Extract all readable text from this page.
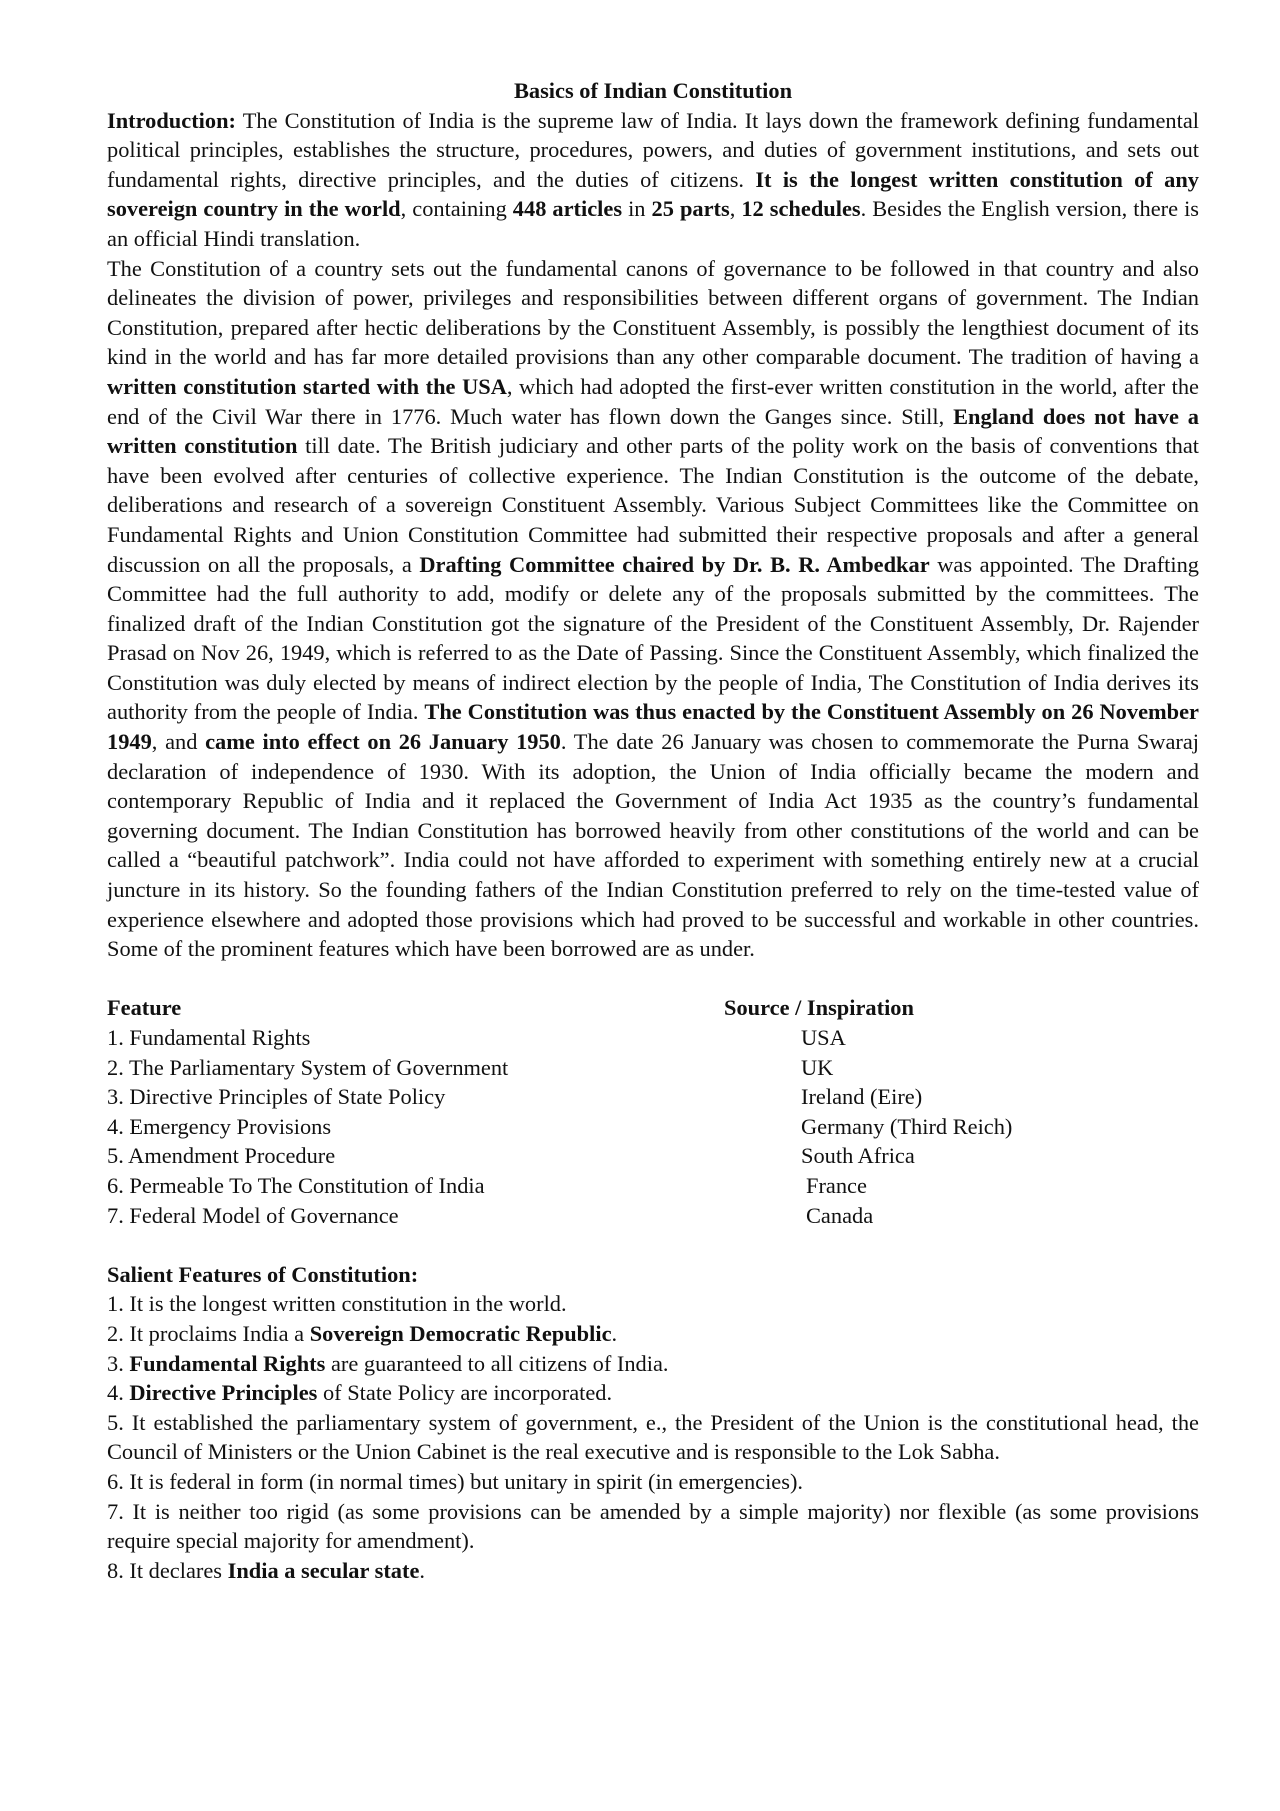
Basics of Indian Constitution

Introduction: The Constitution of India is the supreme law of India. It lays down the framework defining fundamental political principles, establishes the structure, procedures, powers, and duties of government institutions, and sets out fundamental rights, directive principles, and the duties of citizens. It is the longest written constitution of any sovereign country in the world, containing 448 articles in 25 parts, 12 schedules. Besides the English version, there is an official Hindi translation.

The Constitution of a country sets out the fundamental canons of governance to be followed in that country and also delineates the division of power, privileges and responsibilities between different organs of government. The Indian Constitution, prepared after hectic deliberations by the Constituent Assembly, is possibly the lengthiest document of its kind in the world and has far more detailed provisions than any other comparable document. The tradition of having a written constitution started with the USA, which had adopted the first-ever written constitution in the world, after the end of the Civil War there in 1776. Much water has flown down the Ganges since. Still, England does not have a written constitution till date. The British judiciary and other parts of the polity work on the basis of conventions that have been evolved after centuries of collective experience. The Indian Constitution is the outcome of the debate, deliberations and research of a sovereign Constituent Assembly. Various Subject Committees like the Committee on Fundamental Rights and Union Constitution Committee had submitted their respective proposals and after a general discussion on all the proposals, a Drafting Committee chaired by Dr. B. R. Ambedkar was appointed. The Drafting Committee had the full authority to add, modify or delete any of the proposals submitted by the committees. The finalized draft of the Indian Constitution got the signature of the President of the Constituent Assembly, Dr. Rajender Prasad on Nov 26, 1949, which is referred to as the Date of Passing. Since the Constituent Assembly, which finalized the Constitution was duly elected by means of indirect election by the people of India, The Constitution of India derives its authority from the people of India. The Constitution was thus enacted by the Constituent Assembly on 26 November 1949, and came into effect on 26 January 1950. The date 26 January was chosen to commemorate the Purna Swaraj declaration of independence of 1930. With its adoption, the Union of India officially became the modern and contemporary Republic of India and it replaced the Government of India Act 1935 as the country’s fundamental governing document. The Indian Constitution has borrowed heavily from other constitutions of the world and can be called a “beautiful patchwork”. India could not have afforded to experiment with something entirely new at a crucial juncture in its history. So the founding fathers of the Indian Constitution preferred to rely on the time-tested value of experience elsewhere and adopted those provisions which had proved to be successful and workable in other countries. Some of the prominent features which have been borrowed are as under.

Feature	Source / Inspiration
1. Fundamental Rights	USA
2. The Parliamentary System of Government	UK
3. Directive Principles of State Policy	Ireland (Eire)
4. Emergency Provisions	Germany (Third Reich)
5. Amendment Procedure	South Africa
6. Permeable To The Constitution of India	France
7. Federal Model of Governance	Canada

Salient Features of Constitution:

1. It is the longest written constitution in the world.
2. It proclaims India a Sovereign Democratic Republic.
3. Fundamental Rights are guaranteed to all citizens of India.
4. Directive Principles of State Policy are incorporated.
5. It established the parliamentary system of government, e., the President of the Union is the constitutional head, the Council of Ministers or the Union Cabinet is the real executive and is responsible to the Lok Sabha.
6. It is federal in form (in normal times) but unitary in spirit (in emergencies).
7. It is neither too rigid (as some provisions can be amended by a simple majority) nor flexible (as some provisions require special majority for amendment).
8. It declares India a secular state.
